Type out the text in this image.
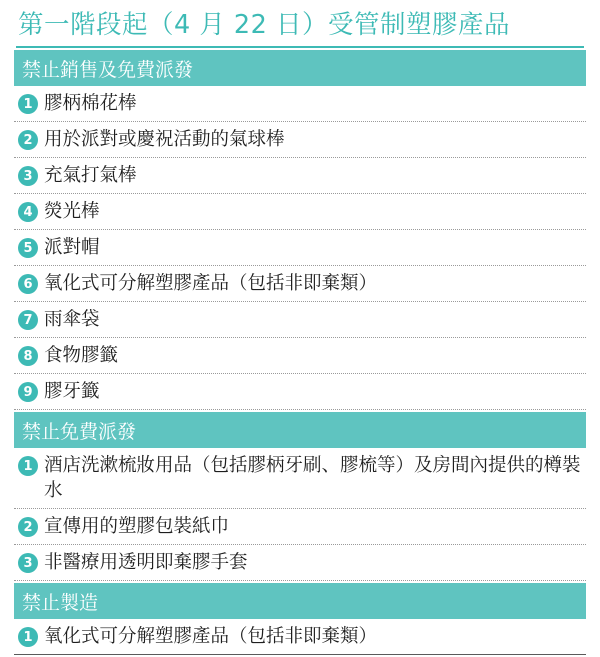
第一階段起（4 月 22 日）受管制塑膠產品
禁止銷售及免費派發
1 膠柄棉花棒
2 用於派對或慶祝活動的氣球棒
3 充氣打氣棒
4 熒光棒
5 派對帽
6 氧化式可分解塑膠產品（包括非即棄類）
7 雨傘袋
8 食物膠籤
9 膠牙籤
禁止免費派發
1 酒店洗漱梳妝用品（包括膠柄牙刷、膠梳等）及房間內提供的樽裝水
2 宣傳用的塑膠包裝紙巾
3 非醫療用透明即棄膠手套
禁止製造
1 氧化式可分解塑膠產品（包括非即棄類）
